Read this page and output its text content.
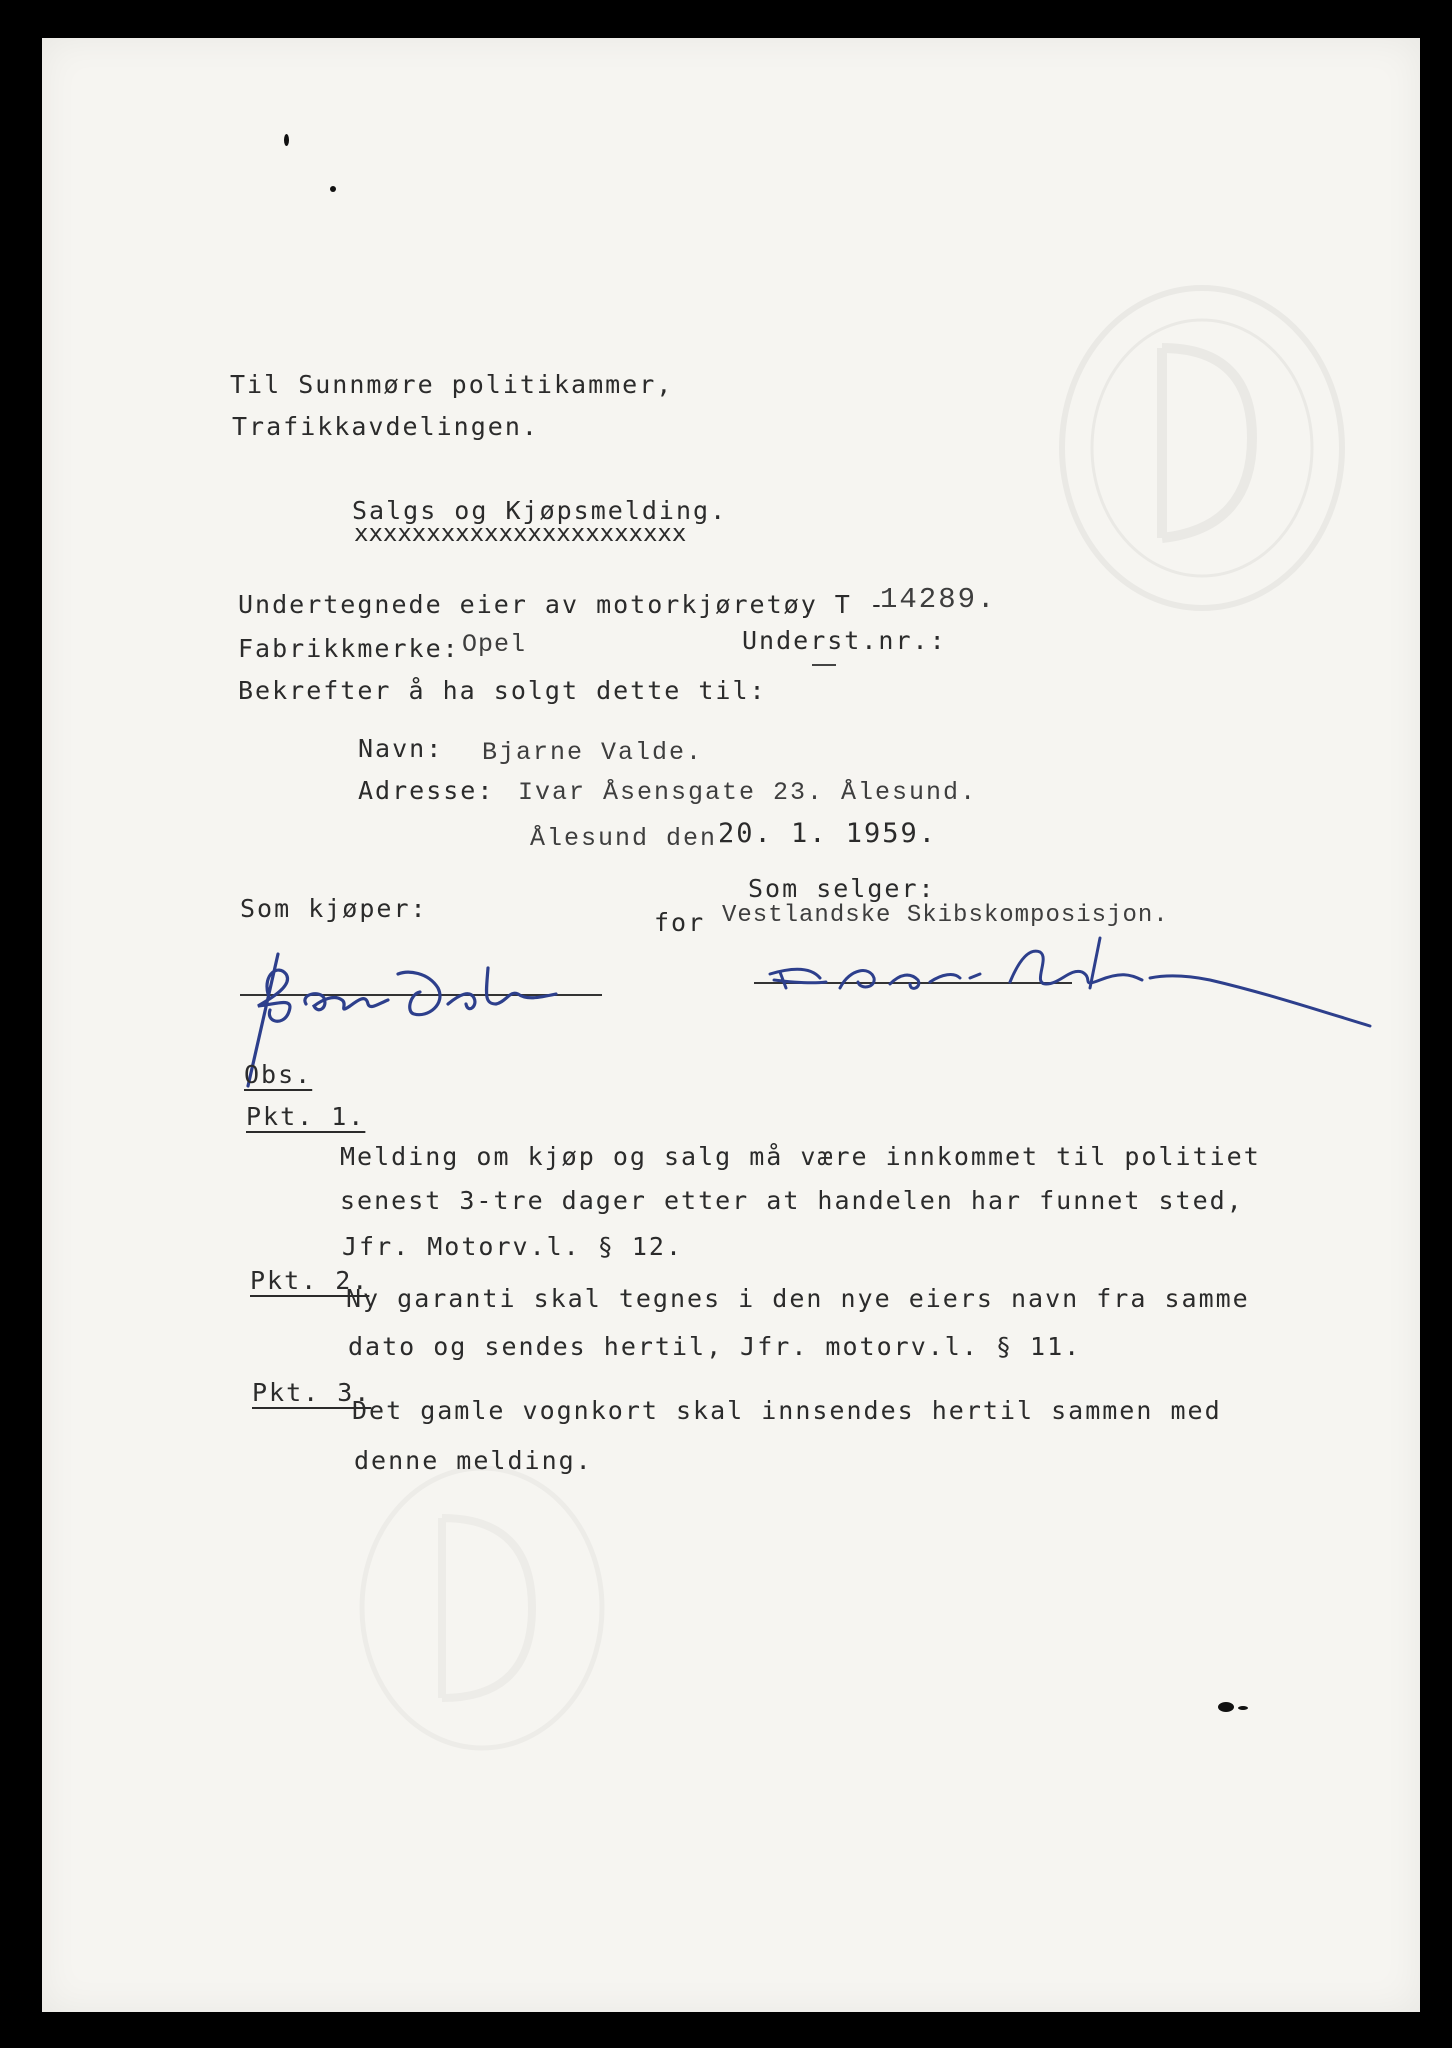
Til Sunnmøre politikammer,
Trafikkavdelingen.
Salgs og Kjøpsmelding.
xxxxxxxxxxxxxxxxxxxxxxx
Undertegnede eier av motorkjøretøy T -
14289.
Fabrikkmerke: Opel	Underst.nr.:
Bekrefter å ha solgt dette til:
Navn: Bjarne Valde.
Adresse: Ivar Åsensgate 23. Ålesund.
Ålesund den 20. 1. 1959.
Som kjøper:
Som selger:
for Vestlandske Skibskomposisjon.
Obs.
Pkt. 1.
Melding om kjøp og salg må være innkommet til politiet
senest 3-tre dager etter at handelen har funnet sted,
Jfr. Motorv.l. § 12.
Pkt. 2.
Ny garanti skal tegnes i den nye eiers navn fra samme
dato og sendes hertil, Jfr. motorv.l. § 11.
Pkt. 3.
Det gamle vognkort skal innsendes hertil sammen med
denne melding.
